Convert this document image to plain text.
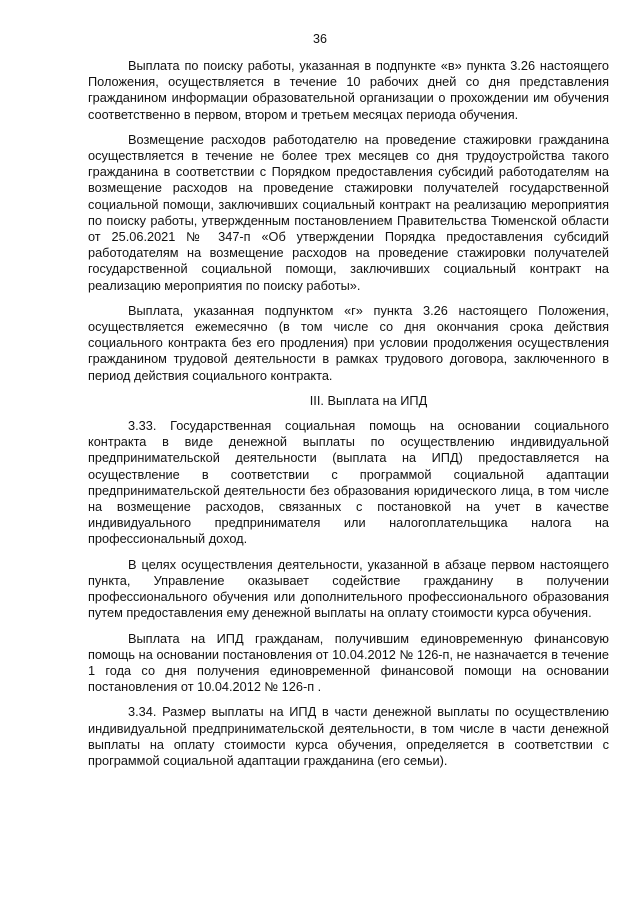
36

Выплата по поиску работы, указанная в подпункте «в» пункта 3.26 настоящего Положения, осуществляется в течение 10 рабочих дней со дня представления гражданином информации образовательной организации о прохождении им обучения соответственно в первом, втором и третьем месяцах периода обучения.

Возмещение расходов работодателю на проведение стажировки гражданина осуществляется в течение не более трех месяцев со дня трудоустройства такого гражданина в соответствии с Порядком предоставления субсидий работодателям на возмещение расходов на проведение стажировки получателей государственной социальной помощи, заключивших социальный контракт на реализацию мероприятия по поиску работы, утвержденным постановлением Правительства Тюменской области от 25.06.2021 № 347-п «Об утверждении Порядка предоставления субсидий работодателям на возмещение расходов на проведение стажировки получателей государственной социальной помощи, заключивших социальный контракт на реализацию мероприятия по поиску работы».

Выплата, указанная подпунктом «г» пункта 3.26 настоящего Положения, осуществляется ежемесячно (в том числе со дня окончания срока действия социального контракта без его продления) при условии продолжения осуществления гражданином трудовой деятельности в рамках трудового договора, заключенного в период действия социального контракта.

III. Выплата на ИПД

3.33. Государственная социальная помощь на основании социального контракта в виде денежной выплаты по осуществлению индивидуальной предпринимательской деятельности (выплата на ИПД) предоставляется на осуществление в соответствии с программой социальной адаптации предпринимательской деятельности без образования юридического лица, в том числе на возмещение расходов, связанных с постановкой на учет в качестве индивидуального предпринимателя или налогоплательщика налога на профессиональный доход.

В целях осуществления деятельности, указанной в абзаце первом настоящего пункта, Управление оказывает содействие гражданину в получении профессионального обучения или дополнительного профессионального образования путем предоставления ему денежной выплаты на оплату стоимости курса обучения.

Выплата на ИПД гражданам, получившим единовременную финансовую помощь на основании постановления от 10.04.2012 № 126-п, не назначается в течение 1 года со дня получения единовременной финансовой помощи на основании постановления от 10.04.2012 № 126-п .

3.34. Размер выплаты на ИПД в части денежной выплаты по осуществлению индивидуальной предпринимательской деятельности, в том числе в части денежной выплаты на оплату стоимости курса обучения, определяется в соответствии с программой социальной адаптации гражданина (его семьи).
